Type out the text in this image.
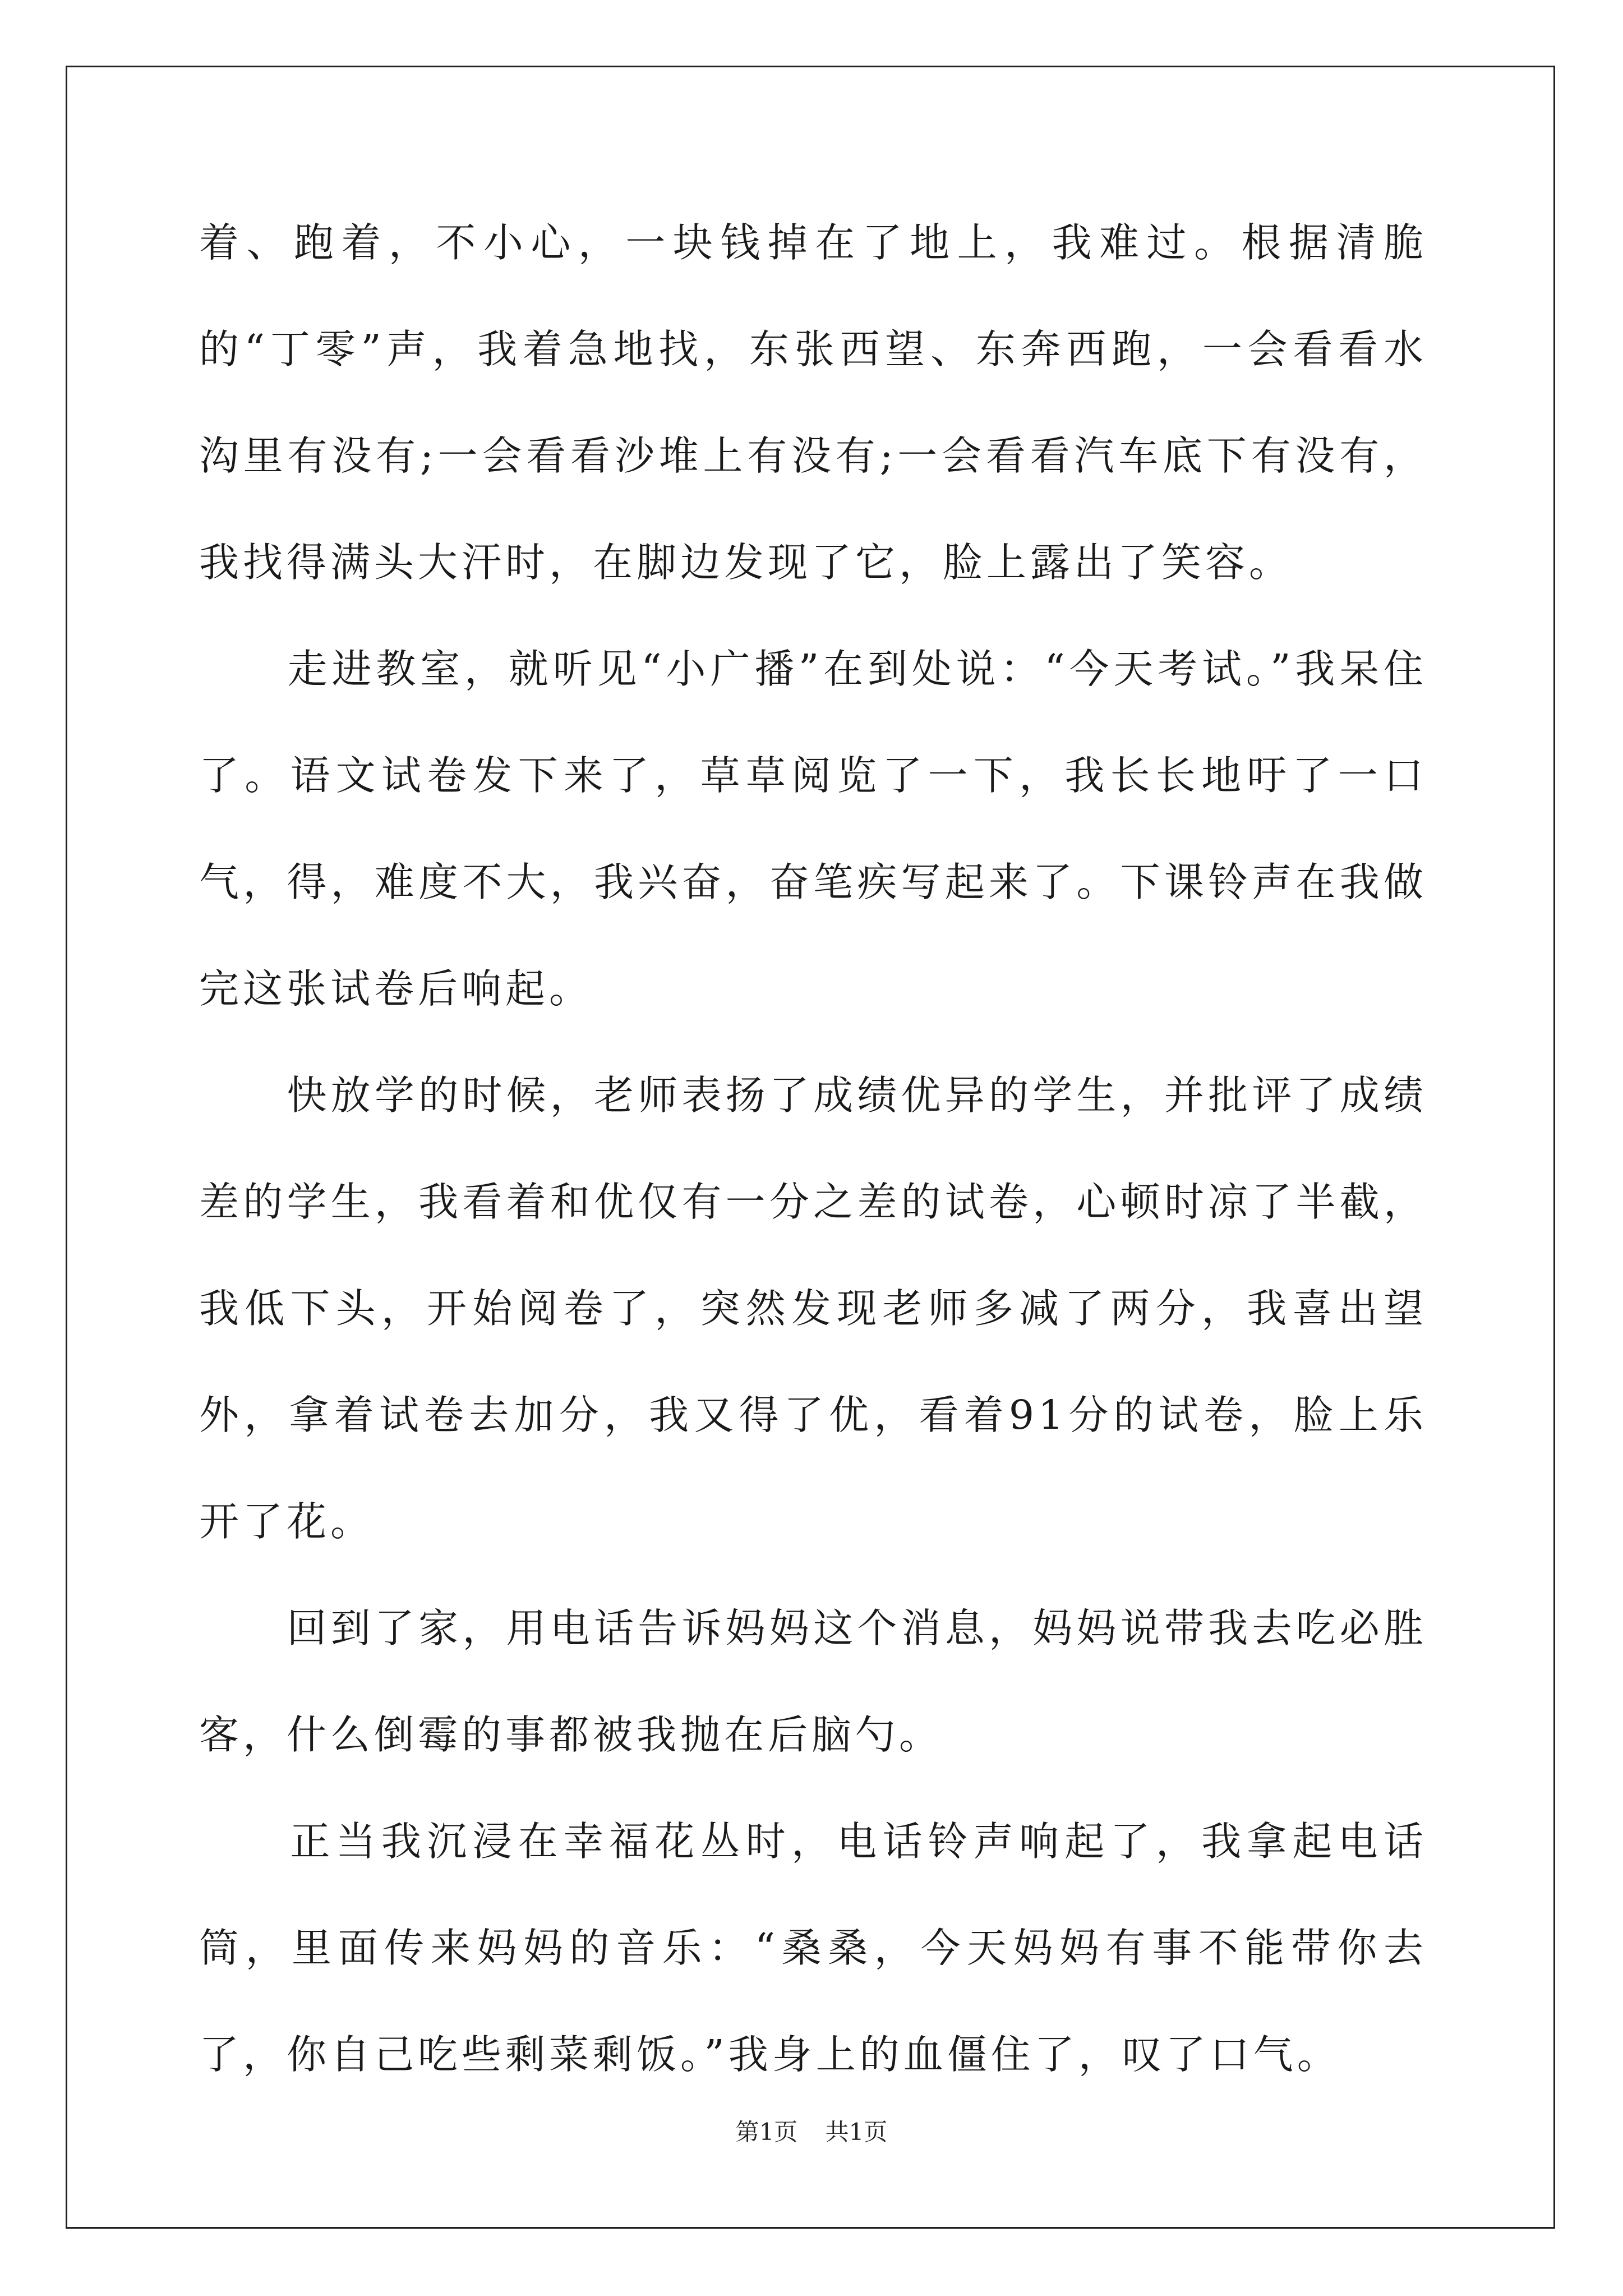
着、跑着，不小心，一块钱掉在了地上，我难过。根据清脆的“丁零”声，我着急地找，东张西望、东奔西跑，一会看看水沟里有没有;一会看看沙堆上有没有;一会看看汽车底下有没有，我找得满头大汗时，在脚边发现了它，脸上露出了笑容。

　　走进教室，就听见“小广播”在到处说：“今天考试。”我呆住了。语文试卷发下来了，草草阅览了一下，我长长地吁了一口气，得，难度不大，我兴奋，奋笔疾写起来了。下课铃声在我做完这张试卷后响起。

　　快放学的时候，老师表扬了成绩优异的学生，并批评了成绩差的学生，我看着和优仅有一分之差的试卷，心顿时凉了半截，我低下头，开始阅卷了，突然发现老师多减了两分，我喜出望外，拿着试卷去加分，我又得了优，看着91分的试卷，脸上乐开了花。

　　回到了家，用电话告诉妈妈这个消息，妈妈说带我去吃必胜客，什么倒霉的事都被我抛在后脑勺。

　　正当我沉浸在幸福花丛时，电话铃声响起了，我拿起电话筒，里面传来妈妈的音乐：“桑桑，今天妈妈有事不能带你去了，你自己吃些剩菜剩饭。”我身上的血僵住了，叹了口气。

第1页 共1页
